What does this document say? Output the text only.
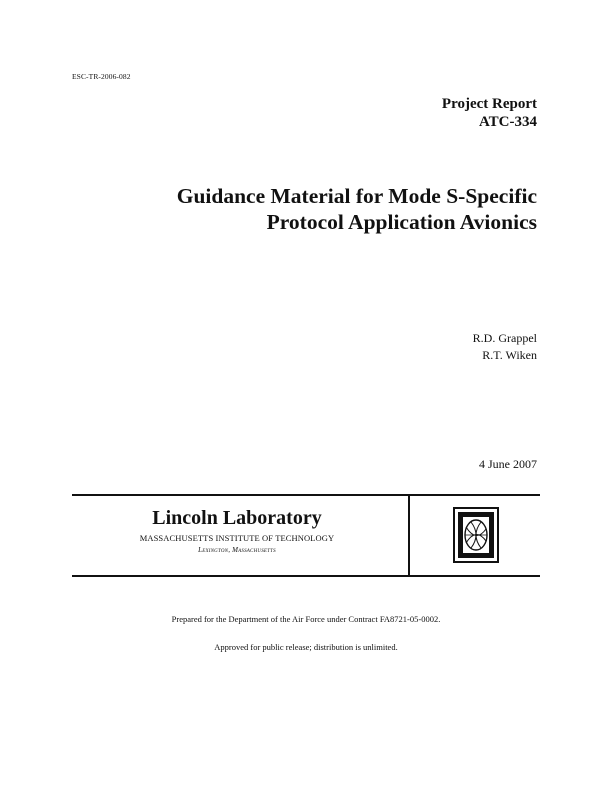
ESC-TR-2006-082
Project Report
ATC-334
Guidance Material for Mode S-Specific
Protocol Application Avionics
R.D. Grappel
R.T. Wiken
4 June 2007
Lincoln Laboratory
MASSACHUSETTS INSTITUTE OF TECHNOLOGY
Lexington, Massachusetts
Prepared for the Department of the Air Force under Contract FA8721-05-0002.
Approved for public release; distribution is unlimited.
